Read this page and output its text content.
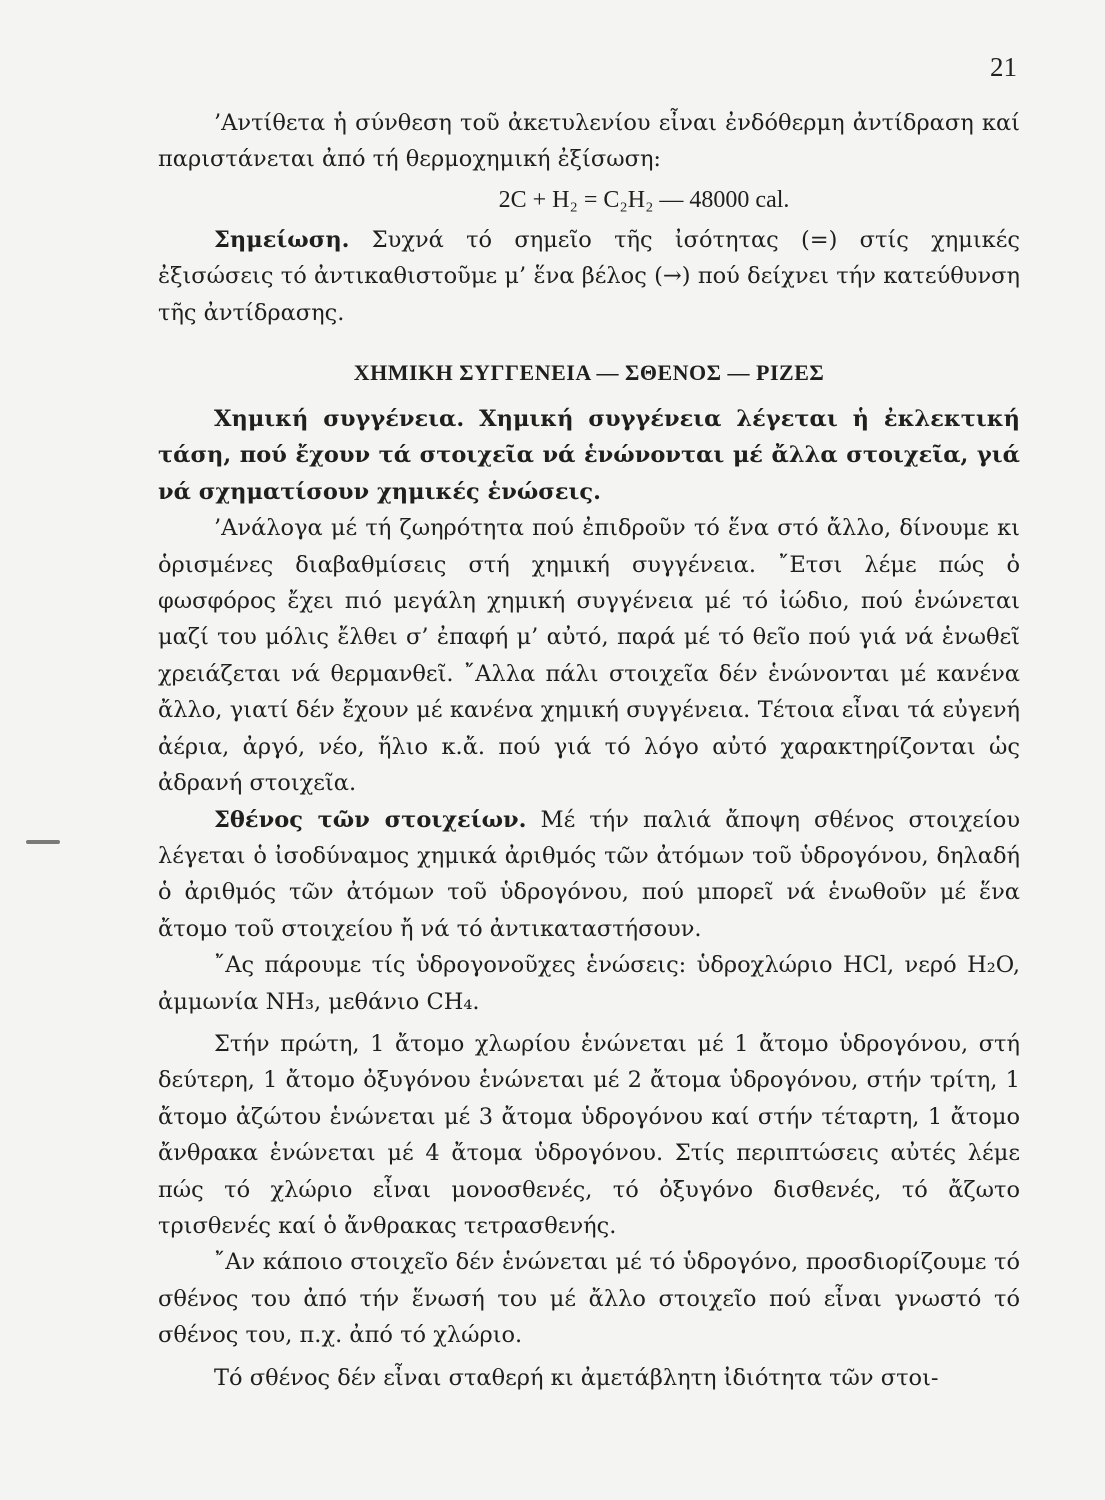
21

’Αντίθετα ἡ σύνθεση τοῦ ἀκετυλενίου εἶναι ἐνδόθερμη ἀντίδραση καί παριστάνεται ἀπό τή θερμοχημική ἐξίσωση:

2C + H₂ = C₂H₂ — 48000 cal.

Σημείωση. Συχνά τό σημεῖο τῆς ἰσότητας (=) στίς χημικές ἐξισώσεις τό ἀντικαθιστοῦμε μ’ ἕνα βέλος (→) πού δείχνει τήν κατεύθυνση τῆς ἀντίδρασης.

ΧΗΜΙΚΗ ΣΥΓΓΕΝΕΙΑ — ΣΘΕΝΟΣ — ΡΙΖΕΣ

Χημική συγγένεια. Χημική συγγένεια λέγεται ἡ ἐκλεκτική τάση, πού ἔχουν τά στοιχεῖα νά ἑνώνονται μέ ἄλλα στοιχεῖα, γιά νά σχηματίσουν χημικές ἑνώσεις.

’Ανάλογα μέ τή ζωηρότητα πού ἐπιδροῦν τό ἕνα στό ἄλλο, δίνουμε κι ὁρισμένες διαβαθμίσεις στή χημική συγγένεια. ῎Ετσι λέμε πώς ὁ φωσφόρος ἔχει πιό μεγάλη χημική συγγένεια μέ τό ἰώδιο, πού ἑνώνεται μαζί του μόλις ἔλθει σ’ ἐπαφή μ’ αὐτό, παρά μέ τό θεῖο πού γιά νά ἑνωθεῖ χρειάζεται νά θερμανθεῖ. ῎Αλλα πάλι στοιχεῖα δέν ἑνώνονται μέ κανένα ἄλλο, γιατί δέν ἔχουν μέ κανένα χημική συγγένεια. Τέτοια εἶναι τά εὐγενή ἀέρια, ἀργό, νέο, ἥλιο κ.ἄ. πού γιά τό λόγο αὐτό χαρακτηρίζονται ὡς ἀδρανή στοιχεῖα.

Σθένος τῶν στοιχείων. Μέ τήν παλιά ἄποψη σθένος στοιχείου λέγεται ὁ ἰσοδύναμος χημικά ἀριθμός τῶν ἀτόμων τοῦ ὑδρογόνου, δηλαδή ὁ ἀριθμός τῶν ἀτόμων τοῦ ὑδρογόνου, πού μπορεῖ νά ἑνωθοῦν μέ ἕνα ἄτομο τοῦ στοιχείου ἤ νά τό ἀντικαταστήσουν.

῎Ας πάρουμε τίς ὑδρογονοῦχες ἑνώσεις: ὑδροχλώριο HCl, νερό H₂O, ἀμμωνία NH₃, μεθάνιο CH₄.

Στήν πρώτη, 1 ἄτομο χλωρίου ἑνώνεται μέ 1 ἄτομο ὑδρογόνου, στή δεύτερη, 1 ἄτομο ὀξυγόνου ἑνώνεται μέ 2 ἄτομα ὑδρογόνου, στήν τρίτη, 1 ἄτομο ἀζώτου ἑνώνεται μέ 3 ἄτομα ὑδρογόνου καί στήν τέταρτη, 1 ἄτομο ἄνθρακα ἑνώνεται μέ 4 ἄτομα ὑδρογόνου. Στίς περιπτώσεις αὐτές λέμε πώς τό χλώριο εἶναι μονοσθενές, τό ὀξυγόνο δισθενές, τό ἄζωτο τρισθενές καί ὁ ἄνθρακας τετρασθενής.

῎Αν κάποιο στοιχεῖο δέν ἑνώνεται μέ τό ὑδρογόνο, προσδιορίζουμε τό σθένος του ἀπό τήν ἕνωσή του μέ ἄλλο στοιχεῖο πού εἶναι γνωστό τό σθένος του, π.χ. ἀπό τό χλώριο.

Τό σθένος δέν εἶναι σταθερή κι ἀμετάβλητη ἰδιότητα τῶν στοι-
